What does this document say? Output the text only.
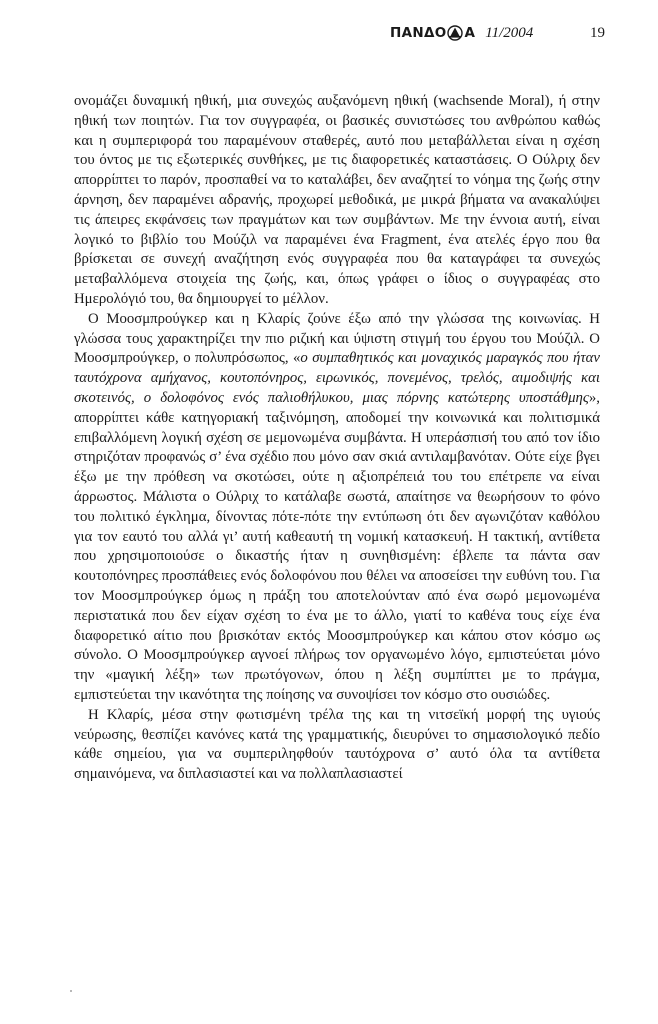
ΠΑΝΔΟ Α 11/2004	19

ονομάζει δυναμική ηθική, μια συνεχώς αυξανόμενη ηθική (wachsende Moral), ή στην ηθική των ποιητών. Για τον συγγραφέα, οι βασικές συνιστώσες του ανθρώπου καθώς και η συμπεριφορά του παραμένουν σταθερές, αυτό που μεταβάλλεται είναι η σχέση του όντος με τις εξωτερικές συνθήκες, με τις διαφορετικές καταστάσεις. Ο Ούλριχ δεν απορρίπτει το παρόν, προσπαθεί να το καταλάβει, δεν αναζητεί το νόημα της ζωής στην άρνηση, δεν παραμένει αδρανής, προχωρεί μεθοδικά, με μικρά βήματα να ανακαλύψει τις άπειρες εκφάνσεις των πραγμάτων και των συμβάντων. Με την έννοια αυτή, είναι λογικό το βιβλίο του Μούζιλ να παραμένει ένα Fragment, ένα ατελές έργο που θα βρίσκεται σε συνεχή αναζήτηση ενός συγγραφέα που θα καταγράφει τα συνεχώς μεταβαλλόμενα στοιχεία της ζωής, και, όπως γράφει ο ίδιος ο συγγραφέας στο Ημερολόγιό του, θα δημιουργεί το μέλλον.

Ο Μοοσμπρούγκερ και η Κλαρίς ζούνε έξω από την γλώσσα της κοινωνίας. Η γλώσσα τους χαρακτηρίζει την πιο ριζική και ύψιστη στιγμή του έργου του Μούζιλ. Ο Μοοσμπρούγκερ, ο πολυπρόσωπος, «ο συμπαθητικός και μοναχικός μαραγκός που ήταν ταυτόχρονα αμήχανος, κουτοπόνηρος, ειρωνικός, πονεμένος, τρελός, αιμοδιψής και σκοτεινός, ο δολοφόνος ενός παλιοθήλυκου, μιας πόρνης κατώτερης υποστάθμης», απορρίπτει κάθε κατηγοριακή ταξινόμηση, αποδομεί την κοινωνικά και πολιτισμικά επιβαλλόμενη λογική σχέση σε μεμονωμένα συμβάντα. Η υπεράσπισή του από τον ίδιο στηριζόταν προφανώς σ’ ένα σχέδιο που μόνο σαν σκιά αντιλαμβανόταν. Ούτε είχε βγει έξω με την πρόθεση να σκοτώσει, ούτε η αξιοπρέπειά του του επέτρεπε να είναι άρρωστος. Μάλιστα ο Ούλριχ το κατάλαβε σωστά, απαίτησε να θεωρήσουν το φόνο του πολιτικό έγκλημα, δίνοντας πότε-πότε την εντύπωση ότι δεν αγωνιζόταν καθόλου για τον εαυτό του αλλά γι’ αυτή καθεαυτή τη νομική κατασκευή. Η τακτική, αντίθετα που χρησιμοποιούσε ο δικαστής ήταν η συνηθισμένη: έβλεπε τα πάντα σαν κουτοπόνηρες προσπάθειες ενός δολοφόνου που θέλει να αποσείσει την ευθύνη του. Για τον Μοοσμπρούγκερ όμως η πράξη του αποτελούνταν από ένα σωρό μεμονωμένα περιστατικά που δεν είχαν σχέση το ένα με το άλλο, γιατί το καθένα τους είχε ένα διαφορετικό αίτιο που βρισκόταν εκτός Μοοσμπρούγκερ και κάπου στον κόσμο ως σύνολο. Ο Μοοσμπρούγκερ αγνοεί πλήρως τον οργανωμένο λόγο, εμπιστεύεται μόνο την «μαγική λέξη» των πρωτόγονων, όπου η λέξη συμπίπτει με το πράγμα, εμπιστεύεται την ικανότητα της ποίησης να συνοψίσει τον κόσμο στο ουσιώδες.

Η Κλαρίς, μέσα στην φωτισμένη τρέλα της και τη νιτσεϊκή μορφή της υγιούς νεύρωσης, θεσπίζει κανόνες κατά της γραμματικής, διευρύνει το σημασιολογικό πεδίο κάθε σημείου, για να συμπεριληφθούν ταυτόχρονα σ’ αυτό όλα τα αντίθετα σημαινόμενα, να διπλασιαστεί και να πολλαπλασιαστεί
